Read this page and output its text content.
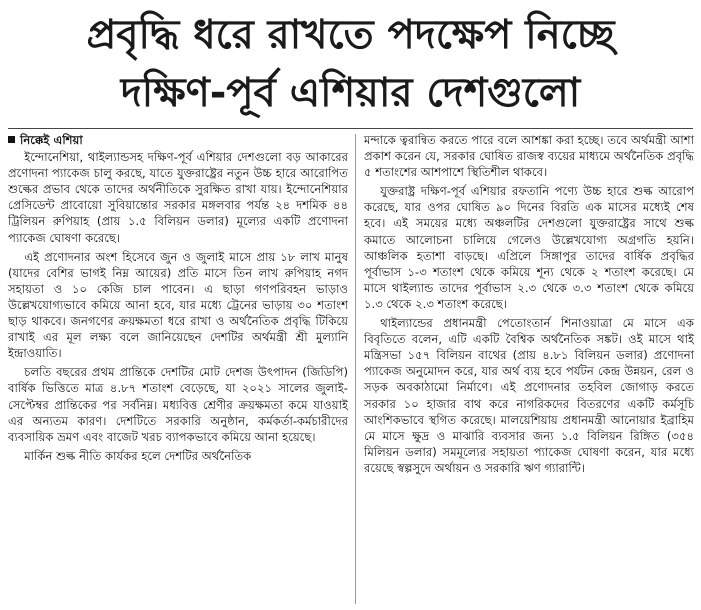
প্রবৃদ্ধি ধরে রাখতে পদক্ষেপ নিচ্ছে
দক্ষিণ-পূর্ব এশিয়ার দেশগুলো
নিক্কেই এশিয়া

ইন্দোনেশিয়া, থাইল্যান্ডসহ দক্ষিণ-পূর্ব এশিয়ার দেশগুলো বড় আকারের প্রণোদনা প্যাকেজ চালু করছে, যাতে যুক্তরাষ্ট্রের নতুন উচ্চ হারে আরোপিত শুল্কের প্রভাব থেকে তাদের অর্থনীতিকে সুরক্ষিত রাখা যায়। ইন্দোনেশিয়ার প্রেসিডেন্ট প্রাবোয়ো সুবিয়ান্তোর সরকার মঙ্গলবার পর্যন্ত ২৪ দশমিক ৪৪ ট্রিলিয়ন রুপিয়াহ (প্রায় ১.৫ বিলিয়ন ডলার) মূল্যের একটি প্রণোদনা প্যাকেজ ঘোষণা করেছে।

এই প্রণোদনার অংশ হিসেবে জুন ও জুলাই মাসে প্রায় ১৮ লাখ মানুষ (যাদের বেশির ভাগই নিম্ন আয়ের) প্রতি মাসে তিন লাখ রুপিয়াহ নগদ সহায়তা ও ১০ কেজি চাল পাবেন। এ ছাড়া গণপরিবহন ভাড়াও উল্লেখযোগ্যভাবে কমিয়ে আনা হবে, যার মধ্যে ট্রেনের ভাড়ায় ৩০ শতাংশ ছাড় থাকবে। জনগণের ক্রয়ক্ষমতা ধরে রাখা ও অর্থনৈতিক প্রবৃদ্ধি টিকিয়ে রাখাই এর মূল লক্ষ্য বলে জানিয়েছেন দেশটির অর্থমন্ত্রী শ্রী মুল্যানি ইন্দ্রাওয়াতি।

চলতি বছরের প্রথম প্রান্তিকে দেশটির মোট দেশজ উৎপাদন (জিডিপি) বার্ষিক ভিত্তিতে মাত্র ৪.৮৭ শতাংশ বেড়েছে, যা ২০২১ সালের জুলাই-সেপ্টেম্বর প্রান্তিকের পর সর্বনিম্ন। মধ্যবিত্ত শ্রেণীর ক্রয়ক্ষমতা কমে যাওয়াই এর অন্যতম কারণ। দেশটিতে সরকারি অনুষ্ঠান, কর্মকর্তা-কর্মচারীদের ব্যবসায়িক ভ্রমণ এবং বাজেট খরচ ব্যাপকভাবে কমিয়ে আনা হয়েছে।

মার্কিন শুল্ক নীতি কার্যকর হলে দেশটির অর্থনৈতিক

মন্দাকে ত্বরান্বিত করতে পারে বলে আশঙ্কা করা হচ্ছে। তবে অর্থমন্ত্রী আশা প্রকাশ করেন যে, সরকার ঘোষিত রাজস্ব ব্যয়ের মাধ্যমে অর্থনৈতিক প্রবৃদ্ধি ৫ শতাংশের আশপাশে স্থিতিশীল থাকবে।

যুক্তরাষ্ট্র দক্ষিণ-পূর্ব এশিয়ার রফতানি পণ্যে উচ্চ হারে শুল্ক আরোপ করেছে, যার ওপর ঘোষিত ৯০ দিনের বিরতি এক মাসের মধ্যেই শেষ হবে। এই সময়ের মধ্যে অঞ্চলটির দেশগুলো যুক্তরাষ্ট্রের সাথে শুল্ক কমাতে আলোচনা চালিয়ে গেলেও উল্লেখযোগ্য অগ্রগতি হয়নি। আঞ্চলিক হতাশা বাড়ছে। এপ্রিলে সিঙ্গাপুর তাদের বার্ষিক প্রবৃদ্ধির পূর্বাভাস ১-৩ শতাংশ থেকে কমিয়ে শূন্য থেকে ২ শতাংশ করেছে। মে মাসে থাইল্যান্ড তাদের পূর্বাভাস ২.৩ থেকে ৩.৩ শতাংশ থেকে কমিয়ে ১.৩ থেকে ২.৩ শতাংশ করেছে।

থাইল্যান্ডের প্রধানমন্ত্রী পেতোংতার্ন শিনাওয়াত্রা মে মাসে এক বিবৃতিতে বলেন, এটি একটি বৈশ্বিক অর্থনৈতিক সঙ্কট। ওই মাসে থাই মন্ত্রিসভা ১৫৭ বিলিয়ন বাথের (প্রায় ৪.৮১ বিলিয়ন ডলার) প্রণোদনা প্যাকেজ অনুমোদন করে, যার অর্থ ব্যয় হবে পর্যটন কেন্দ্র উন্নয়ন, রেল ও সড়ক অবকাঠামো নির্মাণে। এই প্রণোদনার তহবিল জোগাড় করতে সরকার ১০ হাজার বাথ করে নাগরিকদের বিতরণের একটি কর্মসূচি আংশিকভাবে স্থগিত করেছে। মালয়েশিয়ায় প্রধানমন্ত্রী আনোয়ার ইব্রাহিম মে মাসে ক্ষুদ্র ও মাঝারি ব্যবসার জন্য ১.৫ বিলিয়ন রিঙ্গিত (৩৫৪ মিলিয়ন ডলার) সমমূল্যের সহায়তা প্যাকেজ ঘোষণা করেন, যার মধ্যে রয়েছে স্বল্পসুদে অর্থায়ন ও সরকারি ঋণ গ্যারান্টি।
